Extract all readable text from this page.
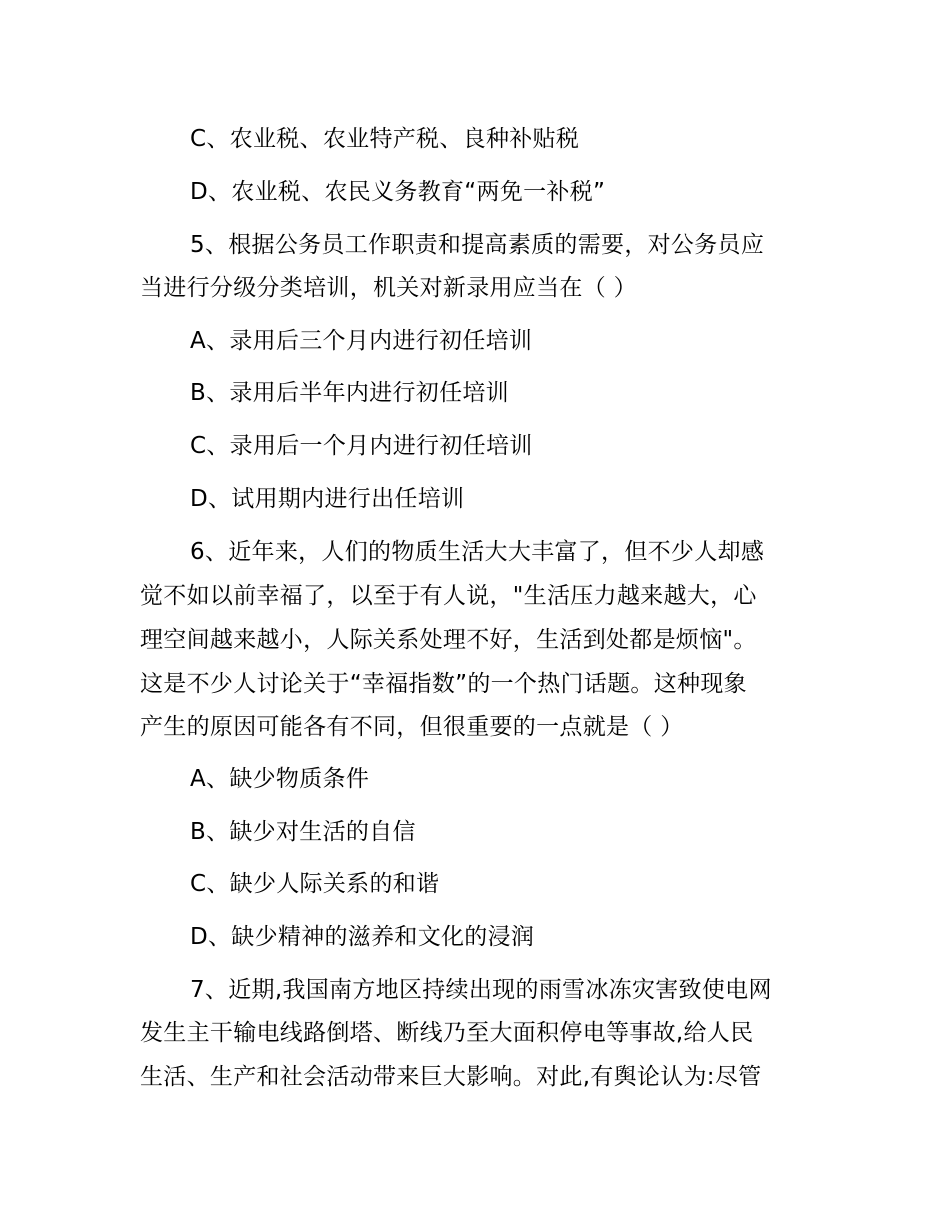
C、农业税、农业特产税、良种补贴税
D、农业税、农民义务教育“两免一补税”
5、根据公务员工作职责和提高素质的需要，对公务员应
当进行分级分类培训，机关对新录用应当在（ ）
A、录用后三个月内进行初任培训
B、录用后半年内进行初任培训
C、录用后一个月内进行初任培训
D、试用期内进行出任培训
6、近年来，人们的物质生活大大丰富了，但不少人却感
觉不如以前幸福了，以至于有人说，"生活压力越来越大，心
理空间越来越小，人际关系处理不好，生活到处都是烦恼"。
这是不少人讨论关于“幸福指数”的一个热门话题。这种现象
产生的原因可能各有不同，但很重要的一点就是（ ）
A、缺少物质条件
B、缺少对生活的自信
C、缺少人际关系的和谐
D、缺少精神的滋养和文化的浸润
7、近期,我国南方地区持续出现的雨雪冰冻灾害致使电网
发生主干输电线路倒塔、断线乃至大面积停电等事故,给人民
生活、生产和社会活动带来巨大影响。对此,有舆论认为:尽管
